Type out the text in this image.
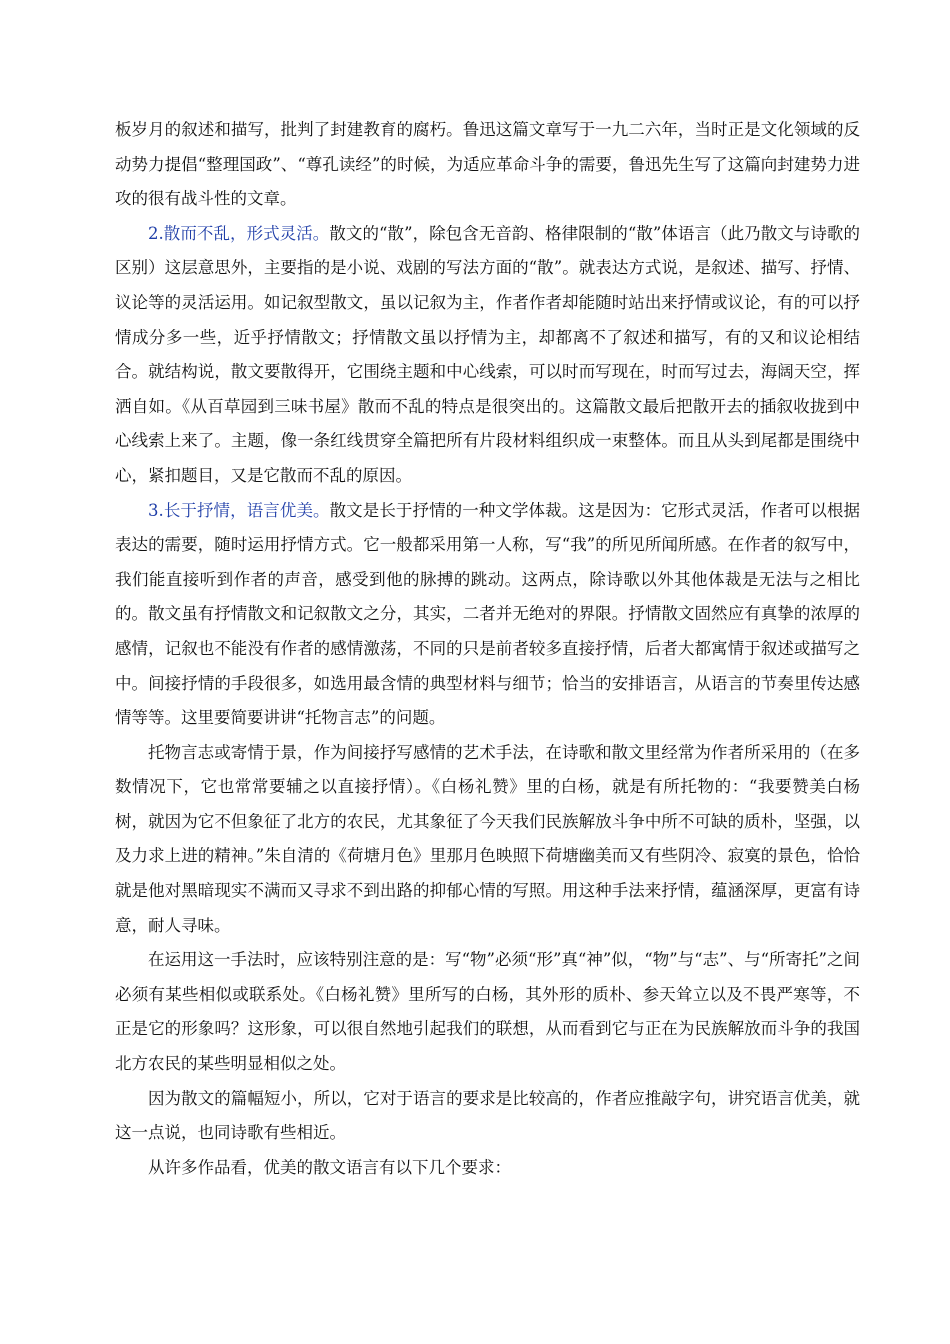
板岁月的叙述和描写，批判了封建教育的腐朽。鲁迅这篇文章写于一九二六年，当时正是文化领域的反动势力提倡“整理国政”、“尊孔读经”的时候，为适应革命斗争的需要，鲁迅先生写了这篇向封建势力进攻的很有战斗性的文章。

2.散而不乱，形式灵活。散文的“散”，除包含无音韵、格律限制的“散”体语言（此乃散文与诗歌的区别）这层意思外，主要指的是小说、戏剧的写法方面的“散”。就表达方式说，是叙述、描写、抒情、议论等的灵活运用。如记叙型散文，虽以记叙为主，作者作者却能随时站出来抒情或议论，有的可以抒情成分多一些，近乎抒情散文；抒情散文虽以抒情为主，却都离不了叙述和描写，有的又和议论相结合。就结构说，散文要散得开，它围绕主题和中心线索，可以时而写现在，时而写过去，海阔天空，挥洒自如。《从百草园到三味书屋》散而不乱的特点是很突出的。这篇散文最后把散开去的插叙收拢到中心线索上来了。主题，像一条红线贯穿全篇把所有片段材料组织成一束整体。而且从头到尾都是围绕中心，紧扣题目，又是它散而不乱的原因。

3.长于抒情，语言优美。散文是长于抒情的一种文学体裁。这是因为：它形式灵活，作者可以根据表达的需要，随时运用抒情方式。它一般都采用第一人称，写“我”的所见所闻所感。在作者的叙写中，我们能直接听到作者的声音，感受到他的脉搏的跳动。这两点，除诗歌以外其他体裁是无法与之相比的。散文虽有抒情散文和记叙散文之分，其实，二者并无绝对的界限。抒情散文固然应有真挚的浓厚的感情，记叙也不能没有作者的感情激荡，不同的只是前者较多直接抒情，后者大都寓情于叙述或描写之中。间接抒情的手段很多，如选用最含情的典型材料与细节；恰当的安排语言，从语言的节奏里传达感情等等。这里要简要讲讲“托物言志”的问题。

托物言志或寄情于景，作为间接抒写感情的艺术手法，在诗歌和散文里经常为作者所采用的（在多数情况下，它也常常要辅之以直接抒情）。《白杨礼赞》里的白杨，就是有所托物的：“我要赞美白杨树，就因为它不但象征了北方的农民，尤其象征了今天我们民族解放斗争中所不可缺的质朴，坚强，以及力求上进的精神。”朱自清的《荷塘月色》里那月色映照下荷塘幽美而又有些阴冷、寂寞的景色，恰恰就是他对黑暗现实不满而又寻求不到出路的抑郁心情的写照。用这种手法来抒情，蕴涵深厚，更富有诗意，耐人寻味。

在运用这一手法时，应该特别注意的是：写“物”必须“形”真“神”似，“物”与“志”、与“所寄托”之间必须有某些相似或联系处。《白杨礼赞》里所写的白杨，其外形的质朴、参天耸立以及不畏严寒等，不正是它的形象吗？这形象，可以很自然地引起我们的联想，从而看到它与正在为民族解放而斗争的我国北方农民的某些明显相似之处。

因为散文的篇幅短小，所以，它对于语言的要求是比较高的，作者应推敲字句，讲究语言优美，就这一点说，也同诗歌有些相近。

从许多作品看，优美的散文语言有以下几个要求：
